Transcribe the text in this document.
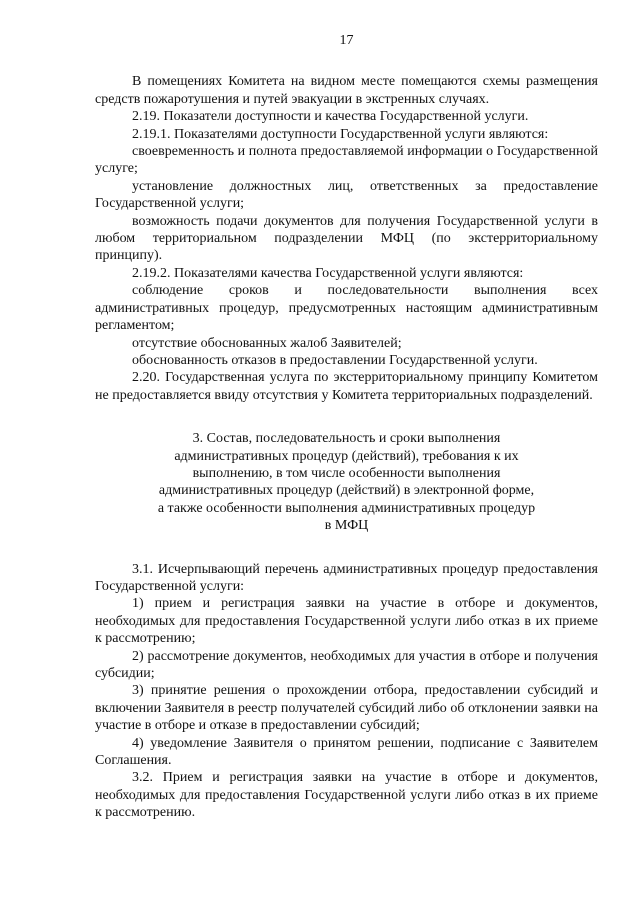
17

В помещениях Комитета на видном месте помещаются схемы размещения средств пожаротушения и путей эвакуации в экстренных случаях.

2.19. Показатели доступности и качества Государственной услуги.

2.19.1. Показателями доступности Государственной услуги являются:

своевременность и полнота предоставляемой информации о Государственной услуге;

установление должностных лиц, ответственных за предоставление Государственной услуги;

возможность подачи документов для получения Государственной услуги в любом территориальном подразделении МФЦ (по экстерриториальному принципу).

2.19.2. Показателями качества Государственной услуги являются:

соблюдение сроков и последовательности выполнения всех административных процедур, предусмотренных настоящим административным регламентом;

отсутствие обоснованных жалоб Заявителей;

обоснованность отказов в предоставлении Государственной услуги.

2.20. Государственная услуга по экстерриториальному принципу Комитетом не предоставляется ввиду отсутствия у Комитета территориальных подразделений.

3. Состав, последовательность и сроки выполнения

административных процедур (действий), требования к их

выполнению, в том числе особенности выполнения

административных процедур (действий) в электронной форме,

а также особенности выполнения административных процедур

в МФЦ

3.1. Исчерпывающий перечень административных процедур предоставления Государственной услуги:

1) прием и регистрация заявки на участие в отборе и документов, необходимых для предоставления Государственной услуги либо отказ в их приеме к рассмотрению;

2) рассмотрение документов, необходимых для участия в отборе и получения субсидии;

3) принятие решения о прохождении отбора, предоставлении субсидий и включении Заявителя в реестр получателей субсидий либо об отклонении заявки на участие в отборе и отказе в предоставлении субсидий;

4) уведомление Заявителя о принятом решении, подписание с Заявителем Соглашения.

3.2. Прием и регистрация заявки на участие в отборе и документов, необходимых для предоставления Государственной услуги либо отказ в их приеме к рассмотрению.
